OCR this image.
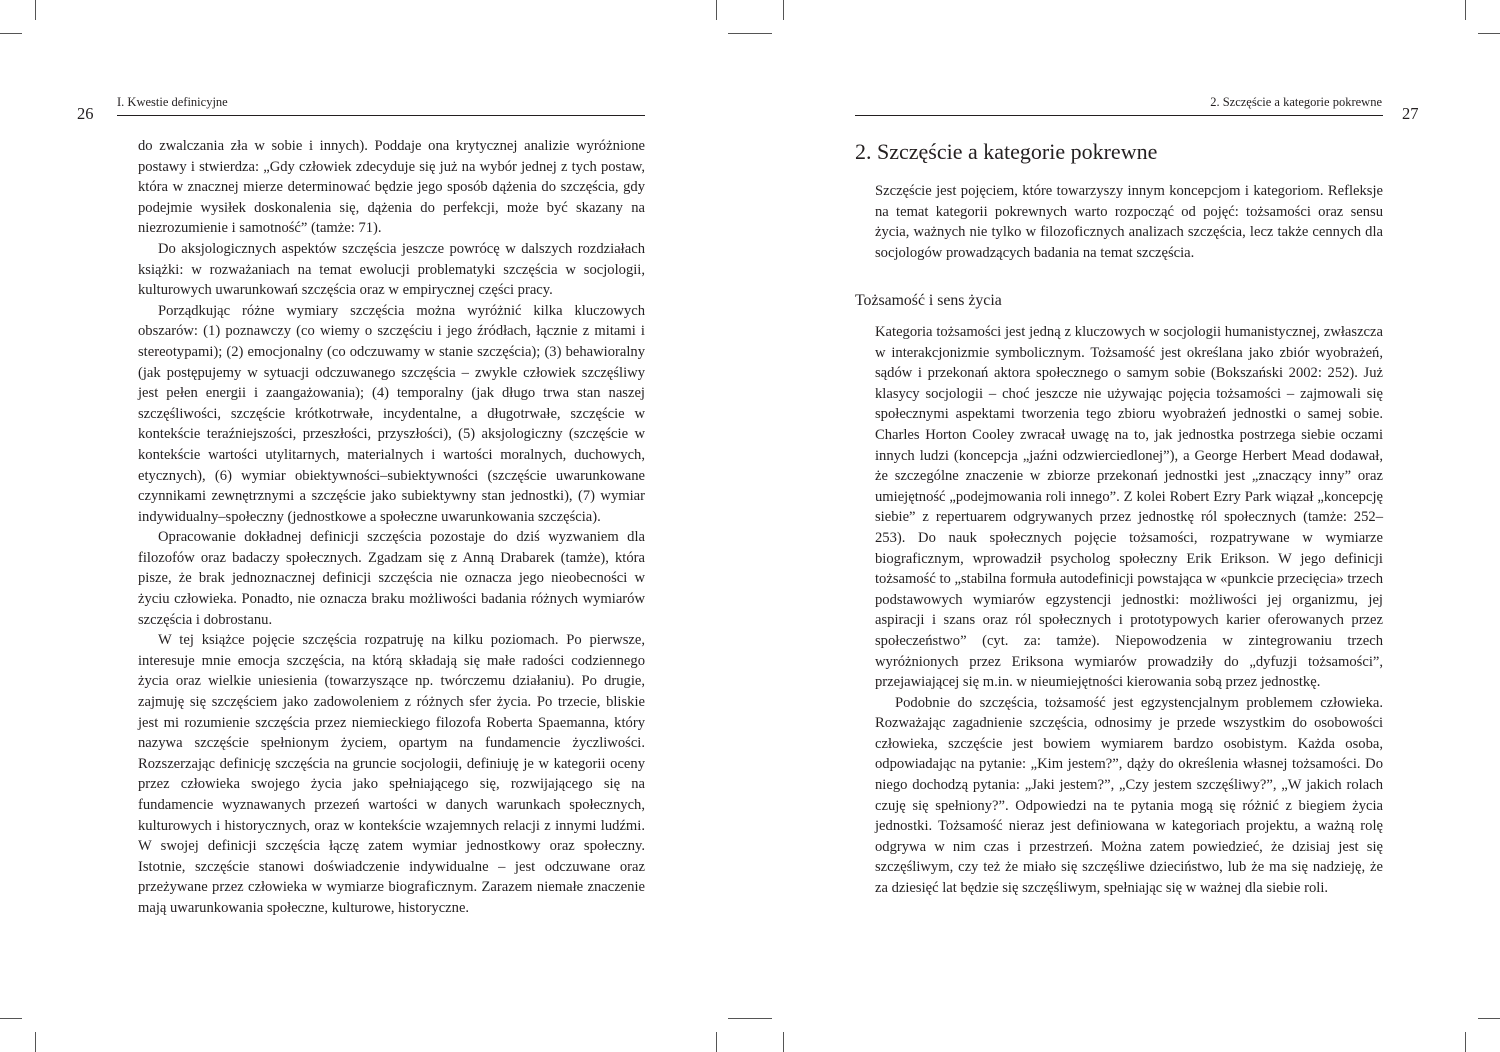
26
I. Kwestie definicyjne

do zwalczania zła w sobie i innych). Poddaje ona krytycznej analizie wyróżnione postawy i stwierdza: „Gdy człowiek zdecyduje się już na wybór jednej z tych postaw, która w znacznej mierze determinować będzie jego sposób dążenia do szczęścia, gdy podejmie wysiłek doskonalenia się, dążenia do perfekcji, może być skazany na niezrozumienie i samotność” (tamże: 71).

Do aksjologicznych aspektów szczęścia jeszcze powrócę w dalszych rozdziałach książki: w rozważaniach na temat ewolucji problematyki szczęścia w socjologii, kulturowych uwarunkowań szczęścia oraz w empirycznej części pracy.

Porządkując różne wymiary szczęścia można wyróżnić kilka kluczowych obszarów: (1) poznawczy (co wiemy o szczęściu i jego źródłach, łącznie z mitami i stereotypami); (2) emocjonalny (co odczuwamy w stanie szczęścia); (3) behawioralny (jak postępujemy w sytuacji odczuwanego szczęścia – zwykle człowiek szczęśliwy jest pełen energii i zaangażowania); (4) temporalny (jak długo trwa stan naszej szczęśliwości, szczęście krótkotrwałe, incydentalne, a długotrwałe, szczęście w kontekście teraźniejszości, przeszłości, przyszłości), (5) aksjologiczny (szczęście w kontekście wartości utylitarnych, materialnych i wartości moralnych, duchowych, etycznych), (6) wymiar obiektywności–subiektywności (szczęście uwarunkowane czynnikami zewnętrznymi a szczęście jako subiektywny stan jednostki), (7) wymiar indywidualny–społeczny (jednostkowe a społeczne uwarunkowania szczęścia).

Opracowanie dokładnej definicji szczęścia pozostaje do dziś wyzwaniem dla filozofów oraz badaczy społecznych. Zgadzam się z Anną Drabarek (tamże), która pisze, że brak jednoznacznej definicji szczęścia nie oznacza jego nieobecności w życiu człowieka. Ponadto, nie oznacza braku możliwości badania różnych wymiarów szczęścia i dobrostanu.

W tej książce pojęcie szczęścia rozpatruję na kilku poziomach. Po pierwsze, interesuje mnie emocja szczęścia, na którą składają się małe radości codziennego życia oraz wielkie uniesienia (towarzyszące np. twórczemu działaniu). Po drugie, zajmuję się szczęściem jako zadowoleniem z różnych sfer życia. Po trzecie, bliskie jest mi rozumienie szczęścia przez niemieckiego filozofa Roberta Spaemanna, który nazywa szczęście spełnionym życiem, opartym na fundamencie życzliwości. Rozszerzając definicję szczęścia na gruncie socjologii, definiuję je w kategorii oceny przez człowieka swojego życia jako spełniającego się, rozwijającego się na fundamencie wyznawanych przezeń wartości w danych warunkach społecznych, kulturowych i historycznych, oraz w kontekście wzajemnych relacji z innymi ludźmi. W swojej definicji szczęścia łączę zatem wymiar jednostkowy oraz społeczny. Istotnie, szczęście stanowi doświadczenie indywidualne – jest odczuwane oraz przeżywane przez człowieka w wymiarze biograficznym. Zarazem niemałe znaczenie mają uwarunkowania społeczne, kulturowe, historyczne.

27
2. Szczęście a kategorie pokrewne
2. Szczęście a kategorie pokrewne

Szczęście jest pojęciem, które towarzyszy innym koncepcjom i kategoriom. Refleksje na temat kategorii pokrewnych warto rozpocząć od pojęć: tożsamości oraz sensu życia, ważnych nie tylko w filozoficznych analizach szczęścia, lecz także cennych dla socjologów prowadzących badania na temat szczęścia.

Tożsamość i sens życia

Kategoria tożsamości jest jedną z kluczowych w socjologii humanistycznej, zwłaszcza w interakcjonizmie symbolicznym. Tożsamość jest określana jako zbiór wyobrażeń, sądów i przekonań aktora społecznego o samym sobie (Bokszański 2002: 252). Już klasycy socjologii – choć jeszcze nie używając pojęcia tożsamości – zajmowali się społecznymi aspektami tworzenia tego zbioru wyobrażeń jednostki o samej sobie. Charles Horton Cooley zwracał uwagę na to, jak jednostka postrzega siebie oczami innych ludzi (koncepcja „jaźni odzwierciedlonej”), a George Herbert Mead dodawał, że szczególne znaczenie w zbiorze przekonań jednostki jest „znaczący inny” oraz umiejętność „podejmowania roli innego”. Z kolei Robert Ezry Park wiązał „koncepcję siebie” z repertuarem odgrywanych przez jednostkę ról społecznych (tamże: 252–253). Do nauk społecznych pojęcie tożsamości, rozpatrywane w wymiarze biograficznym, wprowadził psycholog społeczny Erik Erikson. W jego definicji tożsamość to „stabilna formuła autodefinicji powstająca w «punkcie przecięcia» trzech podstawowych wymiarów egzystencji jednostki: możliwości jej organizmu, jej aspiracji i szans oraz ról społecznych i prototypowych karier oferowanych przez społeczeństwo” (cyt. za: tamże). Niepowodzenia w zintegrowaniu trzech wyróżnionych przez Eriksona wymiarów prowadziły do „dyfuzji tożsamości”, przejawiającej się m.in. w nieumiejętności kierowania sobą przez jednostkę.

Podobnie do szczęścia, tożsamość jest egzystencjalnym problemem człowieka. Rozważając zagadnienie szczęścia, odnosimy je przede wszystkim do osobowości człowieka, szczęście jest bowiem wymiarem bardzo osobistym. Każda osoba, odpowiadając na pytanie: „Kim jestem?”, dąży do określenia własnej tożsamości. Do niego dochodzą pytania: „Jaki jestem?”, „Czy jestem szczęśliwy?”, „W jakich rolach czuję się spełniony?”. Odpowiedzi na te pytania mogą się różnić z biegiem życia jednostki. Tożsamość nieraz jest definiowana w kategoriach projektu, a ważną rolę odgrywa w nim czas i przestrzeń. Można zatem powiedzieć, że dzisiaj jest się szczęśliwym, czy też że miało się szczęśliwe dzieciństwo, lub że ma się nadzieję, że za dziesięć lat będzie się szczęśliwym, spełniając się w ważnej dla siebie roli.
